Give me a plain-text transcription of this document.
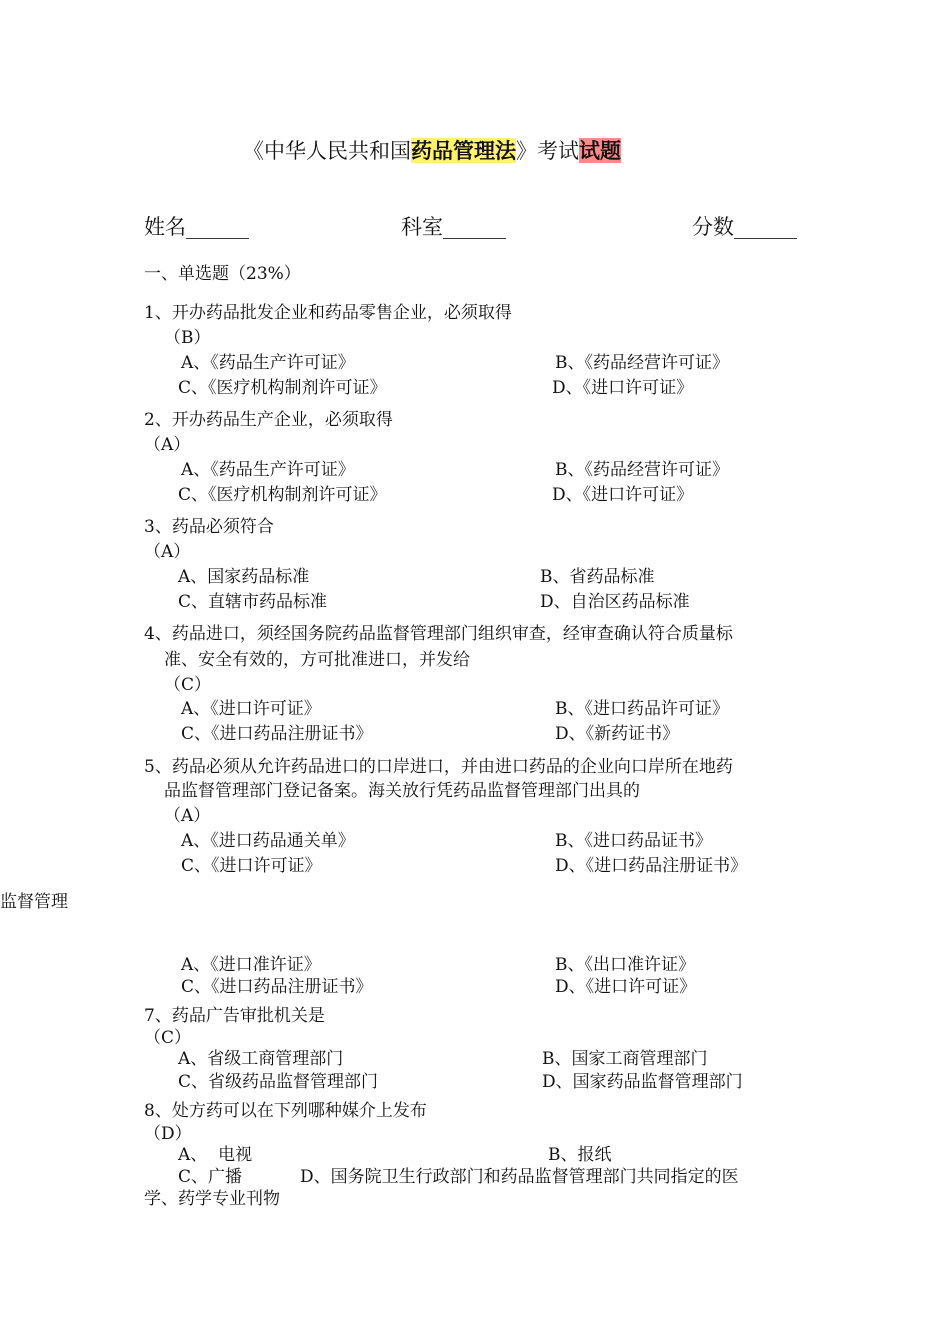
《中华人民共和国药品管理法》考试试题
姓名______	科室______	分数______
一、单选题（23%）
1、开办药品批发企业和药品零售企业，必须取得
（B）
A、《药品生产许可证》	B、《药品经营许可证》
C、《医疗机构制剂许可证》	D、《进口许可证》
2、开办药品生产企业，必须取得
（A）
A、《药品生产许可证》	B、《药品经营许可证》
C、《医疗机构制剂许可证》	D、《进口许可证》
3、药品必须符合
（A）
A、国家药品标准	B、省药品标准
C、直辖市药品标准	D、自治区药品标准
4、药品进口，须经国务院药品监督管理部门组织审查，经审查确认符合质量标
准、安全有效的，方可批准进口，并发给
（C）
A、《进口许可证》	B、《进口药品许可证》
C、《进口药品注册证书》	D、《新药证书》
5、药品必须从允许药品进口的口岸进口，并由进口药品的企业向口岸所在地药
品监督管理部门登记备案。海关放行凭药品监督管理部门出具的
（A）
A、《进口药品通关单》	B、《进口药品证书》
C、《进口许可证》	D、《进口药品注册证书》
监督管理
A、《进口准许证》	B、《出口准许证》
C、《进口药品注册证书》	D、《进口许可证》
7、药品广告审批机关是
（C）
A、省级工商管理部门	B、国家工商管理部门
C、省级药品监督管理部门	D、国家药品监督管理部门
8、处方药可以在下列哪种媒介上发布
（D）
A、  电视	B、报纸
C、广播	D、国务院卫生行政部门和药品监督管理部门共同指定的医
学、药学专业刊物
